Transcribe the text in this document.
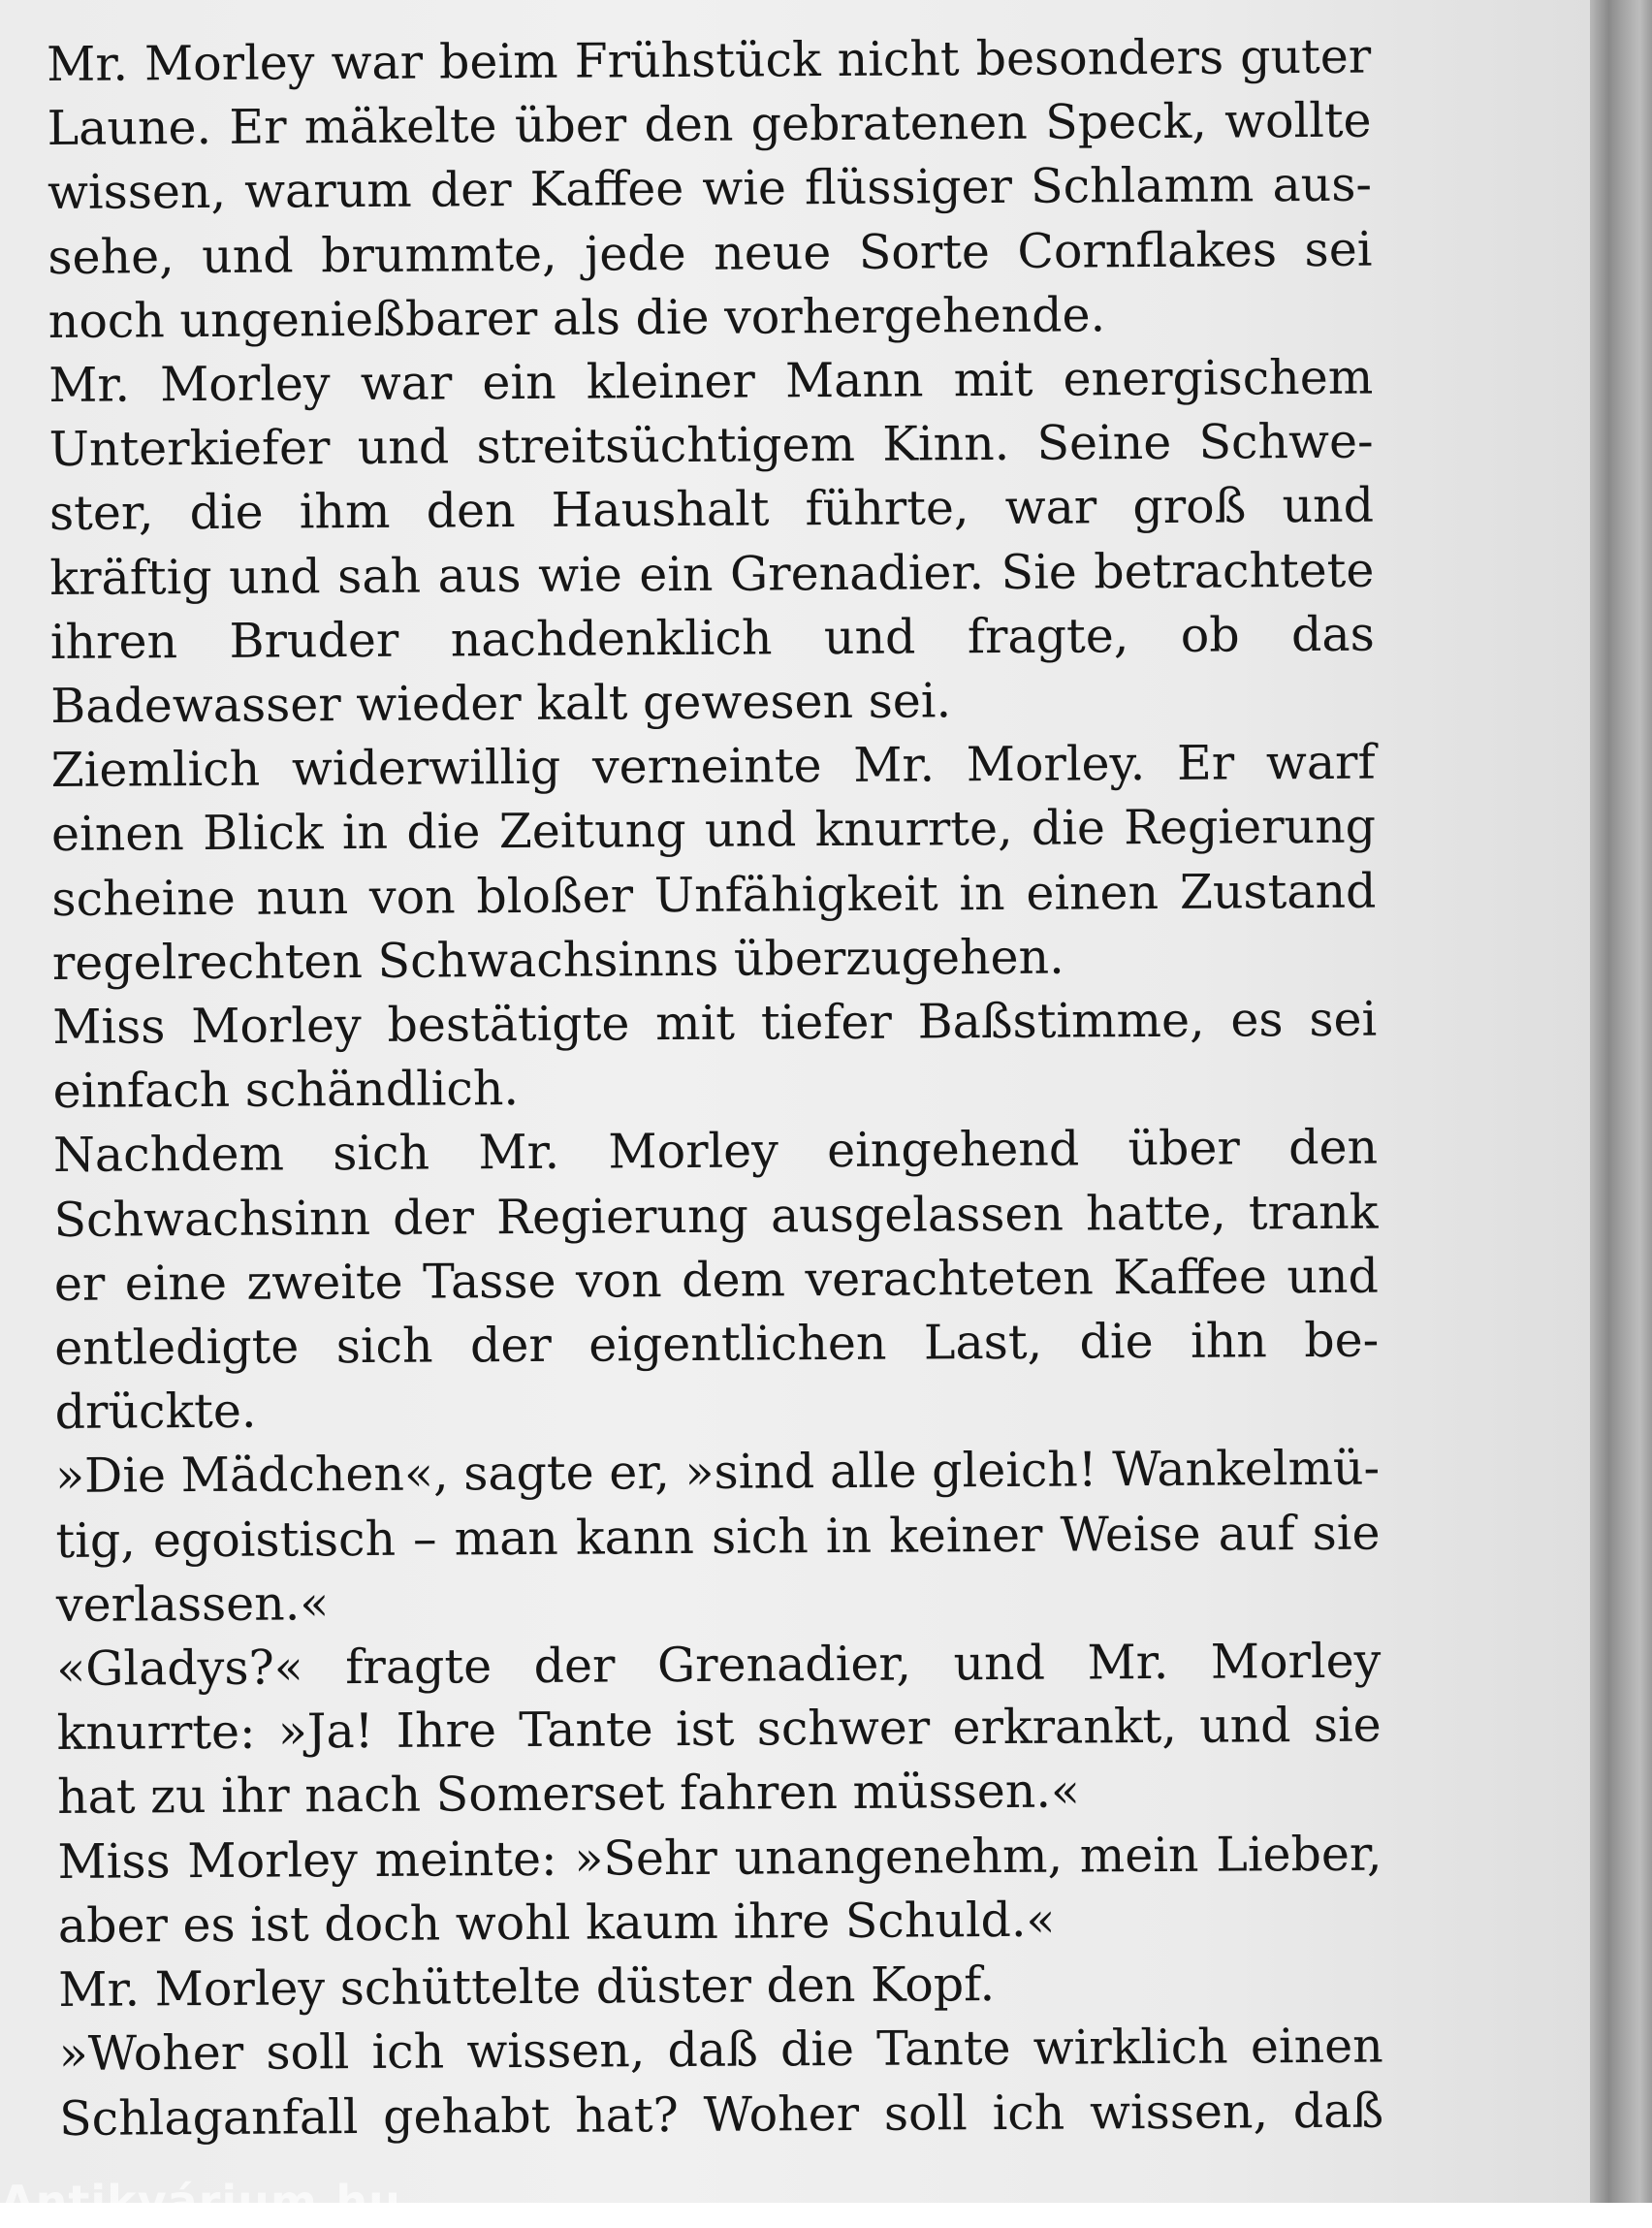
Mr. Morley war beim Frühstück nicht besonders guter Laune. Er mäkelte über den gebratenen Speck, wollte wissen, warum der Kaffee wie flüssiger Schlamm aussehe, und brummte, jede neue Sorte Cornflakes sei noch ungenießbarer als die vorhergehende.

Mr. Morley war ein kleiner Mann mit energischem Unterkiefer und streitsüchtigem Kinn. Seine Schwester, die ihm den Haushalt führte, war groß und kräftig und sah aus wie ein Grenadier. Sie betrachtete ihren Bruder nachdenklich und fragte, ob das Badewasser wieder kalt gewesen sei.

Ziemlich widerwillig verneinte Mr. Morley. Er warf einen Blick in die Zeitung und knurrte, die Regierung scheine nun von bloßer Unfähigkeit in einen Zustand regelrechten Schwachsinns überzugehen.

Miss Morley bestätigte mit tiefer Baßstimme, es sei einfach schändlich.

Nachdem sich Mr. Morley eingehend über den Schwachsinn der Regierung ausgelassen hatte, trank er eine zweite Tasse von dem verachteten Kaffee und entledigte sich der eigentlichen Last, die ihn bedrückte.

»Die Mädchen«, sagte er, »sind alle gleich! Wankelmütig, egoistisch – man kann sich in keiner Weise auf sie verlassen.«

«Gladys?« fragte der Grenadier, und Mr. Morley knurrte: »Ja! Ihre Tante ist schwer erkrankt, und sie hat zu ihr nach Somerset fahren müssen.«

Miss Morley meinte: »Sehr unangenehm, mein Lieber, aber es ist doch wohl kaum ihre Schuld.«

Mr. Morley schüttelte düster den Kopf.

»Woher soll ich wissen, daß die Tante wirklich einen Schlaganfall gehabt hat? Woher soll ich wissen, daß

Antikvárium.hu
